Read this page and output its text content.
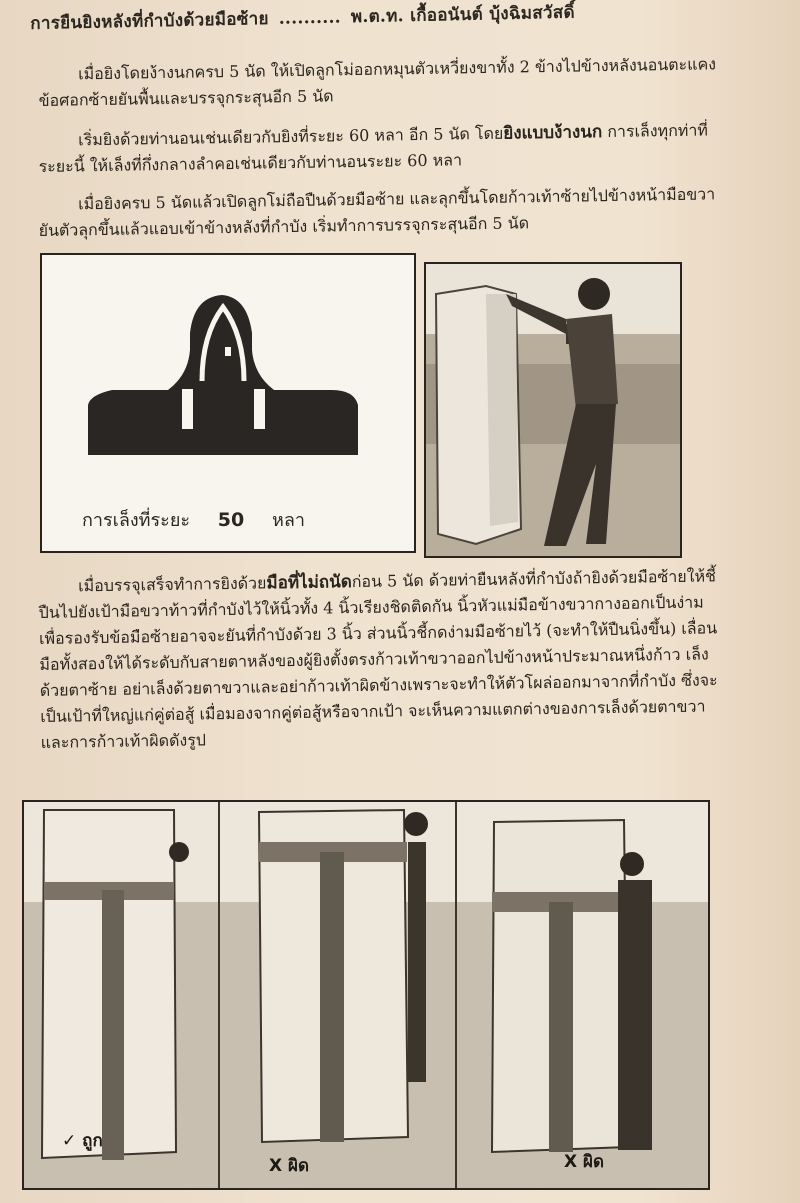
การยืนยิงหลังที่กำบังด้วยมือซ้าย .......... พ.ต.ท. เกื้ออนันต์ บุ้งฉิมสวัสดิ์

เมื่อยิงโดยง้างนกครบ 5 นัด ให้เปิดลูกโม่ออกหมุนตัวเหวี่ยงขาทั้ง 2 ข้างไปข้างหลังนอนตะแคงข้อศอกซ้ายยันพื้นและบรรจุกระสุนอีก 5 นัด

เริ่มยิงด้วยท่านอนเช่นเดียวกับยิงที่ระยะ 60 หลา อีก 5 นัด โดยยิงแบบง้างนก การเล็งทุกท่าที่ระยะนี้ ให้เล็งที่กึ่งกลางลำคอเช่นเดียวกับท่านอนระยะ 60 หลา

เมื่อยิงครบ 5 นัดแล้วเปิดลูกโม่ถือปืนด้วยมือซ้าย และลุกขึ้นโดยก้าวเท้าซ้ายไปข้างหน้ามือขวายันตัวลุกขึ้นแล้วแอบเข้าข้างหลังที่กำบัง เริ่มทำการบรรจุกระสุนอีก 5 นัด

การเล็งที่ระยะ 50 หลา

เมื่อบรรจุเสร็จทำการยิงด้วยมือที่ไม่ถนัดก่อน 5 นัด ด้วยท่ายืนหลังที่กำบังถ้ายิงด้วยมือซ้ายให้ชี้ปืนไปยังเป้ามือขวาท้าวที่กำบังไว้ให้นิ้วทั้ง 4 นิ้วเรียงชิดติดกัน นิ้วหัวแม่มือข้างขวากางออกเป็นง่ามเพื่อรองรับข้อมือซ้ายอาจจะยันที่กำบังด้วย 3 นิ้ว ส่วนนิ้วชี้กดง่ามมือซ้ายไว้ (จะทำให้ปืนนิ่งขึ้น) เลื่อนมือทั้งสองให้ได้ระดับกับสายตาหลังของผู้ยิงตั้งตรงก้าวเท้าขวาออกไปข้างหน้าประมาณหนึ่งก้าว เล็งด้วยตาซ้าย อย่าเล็งด้วยตาขวาและอย่าก้าวเท้าผิดข้างเพราะจะทำให้ตัวโผล่ออกมาจากที่กำบัง ซึ่งจะเป็นเป้าที่ใหญ่แก่คู่ต่อสู้ เมื่อมองจากคู่ต่อสู้หรือจากเป้า จะเห็นความแตกต่างของการเล็งด้วยตาขวา และการก้าวเท้าผิดดังรูป

✓ ถูก
X ผิด	X ผิด
